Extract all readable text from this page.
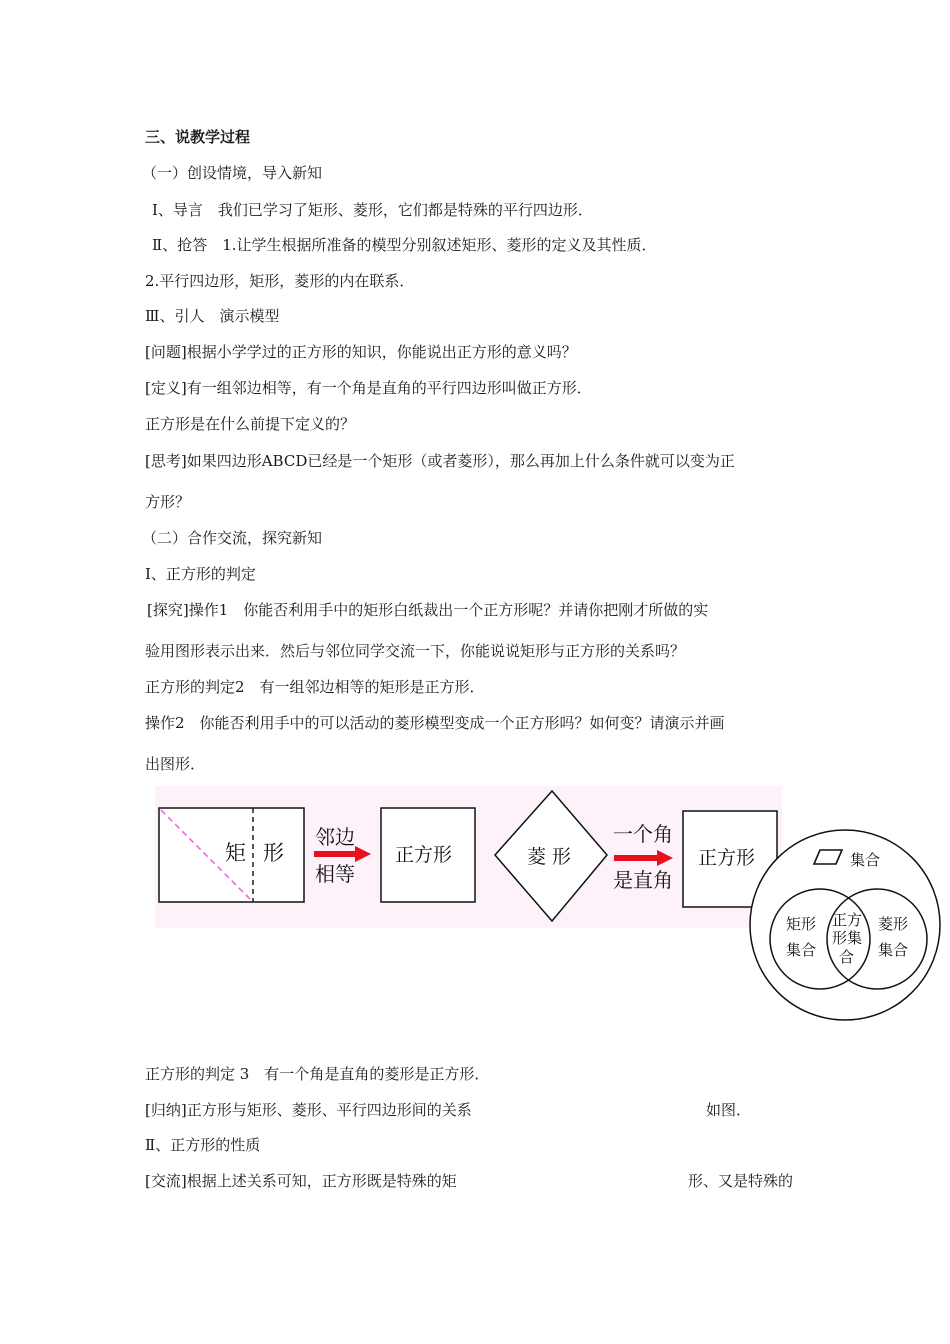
三、说教学过程
（一）创设情境，导入新知
Ⅰ、导言　我们已学习了矩形、菱形，它们都是特殊的平行四边形．
Ⅱ、抢答　1.让学生根据所准备的模型分别叙述矩形、菱形的定义及其性质．
2.平行四边形，矩形，菱形的内在联系．
Ⅲ、引人　演示模型
[问题]根据小学学过的正方形的知识，你能说出正方形的意义吗？
[定义]有一组邻边相等，有一个角是直角的平行四边形叫做正方形．
正方形是在什么前提下定义的？
[思考]如果四边形ABCD已经是一个矩形（或者菱形），那么再加上什么条件就可以变为正
方形？
（二）合作交流，探究新知
Ⅰ、正方形的判定
[探究]操作1　你能否利用手中的矩形白纸裁出一个正方形呢？并请你把刚才所做的实
验用图形表示出来．然后与邻位同学交流一下，你能说说矩形与正方形的关系吗？
正方形的判定2　有一组邻边相等的矩形是正方形．
操作2　你能否利用手中的可以活动的菱形模型变成一个正方形吗？如何变？请演示并画
出图形．
矩 形
邻边
相等
正方形	菱 形
一个角
是直角
正方形	集合
矩形
集合
正方
形集
合
菱形
集合
正方形的判定 3　有一个角是直角的菱形是正方形．
[归纳]正方形与矩形、菱形、平行四边形间的关系	如图．
Ⅱ、正方形的性质
[交流]根据上述关系可知，正方形既是特殊的矩	形、又是特殊的
